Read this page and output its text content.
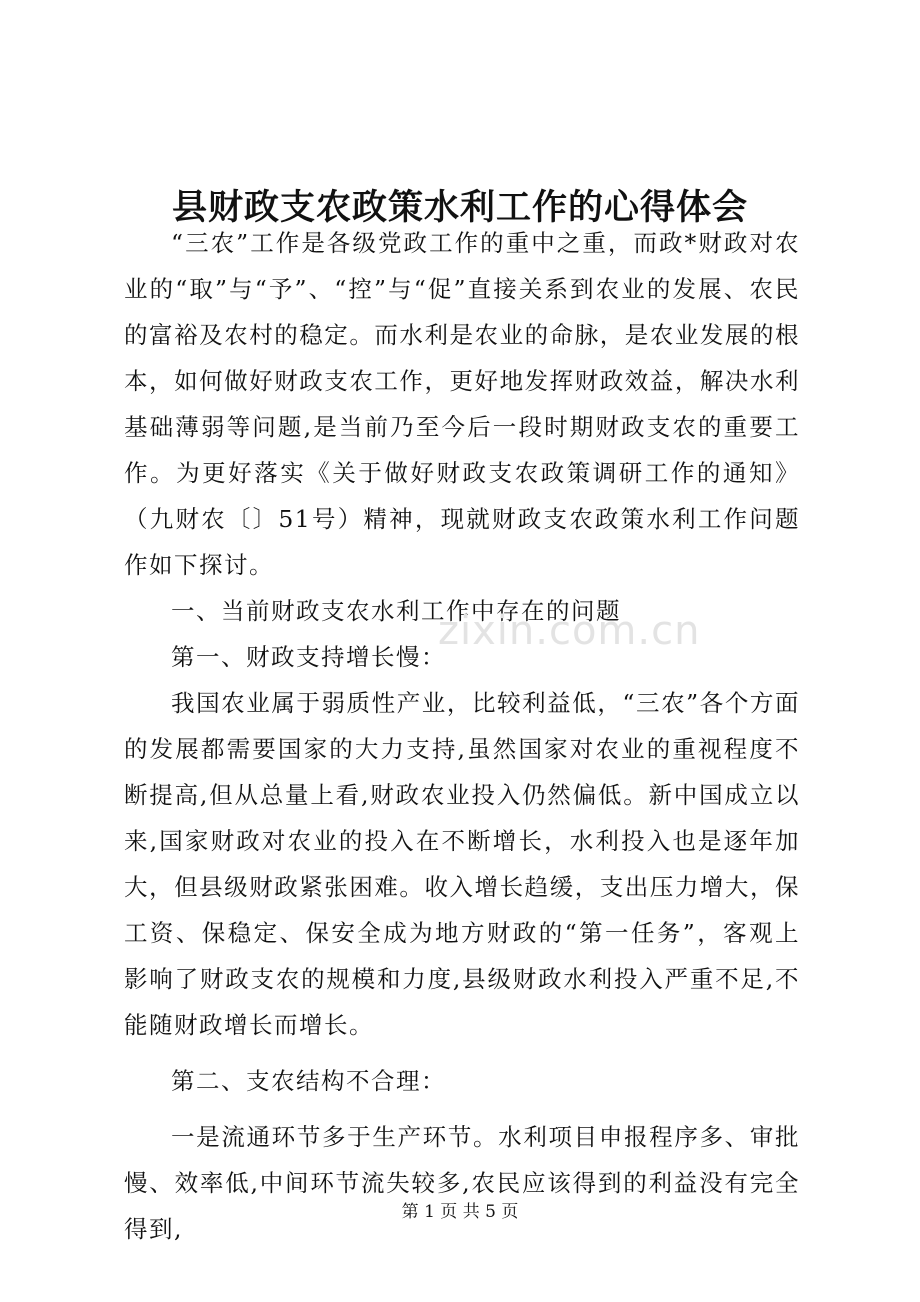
县财政支农政策水利工作的心得体会

“三农”工作是各级党政工作的重中之重，而政*财政对农业的“取”与“予”、“控”与“促”直接关系到农业的发展、农民的富裕及农村的稳定。而水利是农业的命脉，是农业发展的根本，如何做好财政支农工作，更好地发挥财政效益，解决水利基础薄弱等问题,是当前乃至今后一段时期财政支农的重要工作。为更好落实《关于做好财政支农政策调研工作的通知》（九财农〔〕51号）精神，现就财政支农政策水利工作问题作如下探讨。

一、当前财政支农水利工作中存在的问题

第一、财政支持增长慢：

我国农业属于弱质性产业，比较利益低，“三农”各个方面的发展都需要国家的大力支持,虽然国家对农业的重视程度不断提高,但从总量上看,财政农业投入仍然偏低。新中国成立以来,国家财政对农业的投入在不断增长，水利投入也是逐年加大，但县级财政紧张困难。收入增长趋缓，支出压力增大，保工资、保稳定、保安全成为地方财政的“第一任务”，客观上影响了财政支农的规模和力度,县级财政水利投入严重不足,不能随财政增长而增长。

第二、支农结构不合理：

一是流通环节多于生产环节。水利项目申报程序多、审批慢、效率低,中间环节流失较多,农民应该得到的利益没有完全得到,

zixin.com.cn
第 1 页 共 5 页
